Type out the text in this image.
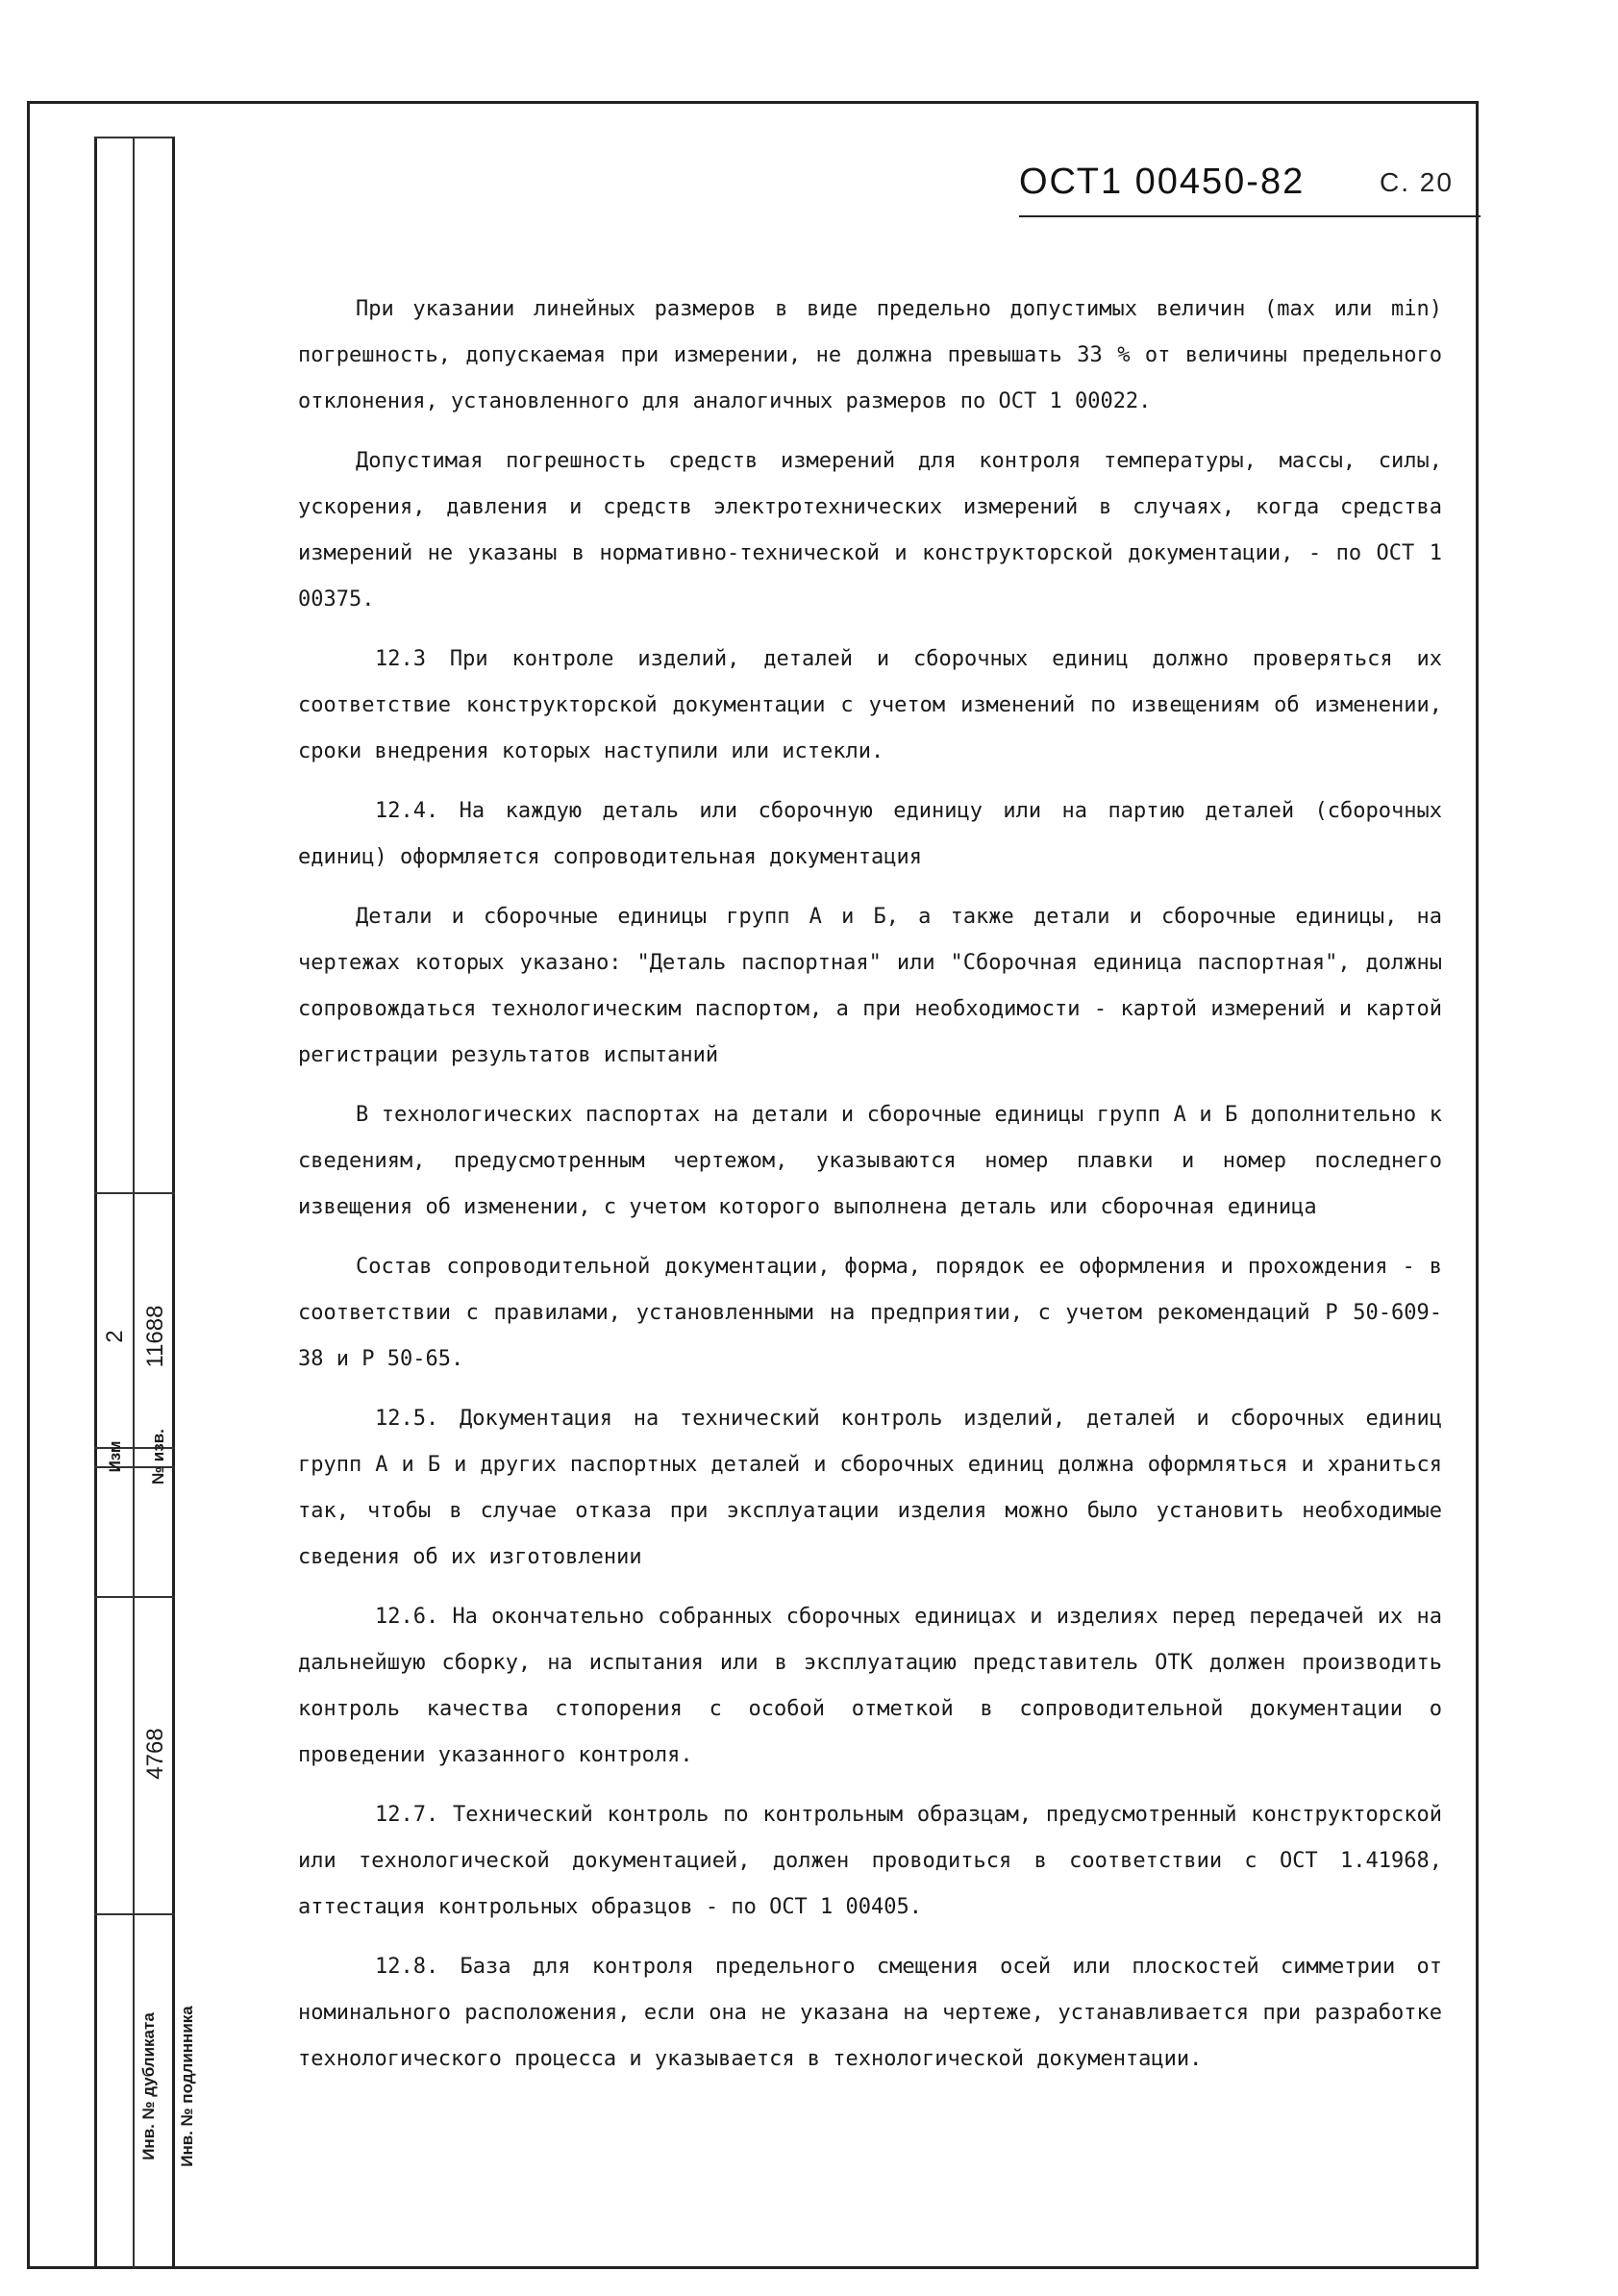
Изм
2
№ изв.
11688
4768
Инв. № дубликата Инв. № подлинника
ОСТ1 00450-82	С. 20

При указании линейных размеров в виде предельно допустимых величин (max или min) погрешность, допускаемая при измерении, не должна превышать 33 % от величины предельного отклонения, установленного для аналогичных размеров по ОСТ 1 00022.

Допустимая погрешность средств измерений для контроля температуры, массы, силы, ускорения, давления и средств электротехнических измерений в случаях, когда средства измерений не указаны в нормативно-технической и конструкторской документации, - по ОСТ 1 00375.

12.3 При контроле изделий, деталей и сборочных единиц должно проверяться их соответствие конструкторской документации с учетом изменений по извещениям об изменении, сроки внедрения которых наступили или истекли.

12.4. На каждую деталь или сборочную единицу или на партию деталей (сборочных единиц) оформляется сопроводительная документация

Детали и сборочные единицы групп А и Б, а также детали и сборочные единицы, на чертежах которых указано: "Деталь паспортная" или "Сборочная единица паспортная", должны сопровождаться технологическим паспортом, а при необходимости - картой измерений и картой регистрации результатов испытаний

В технологических паспортах на детали и сборочные единицы групп А и Б дополнительно к сведениям, предусмотренным чертежом, указываются номер плавки и номер последнего извещения об изменении, с учетом которого выполнена деталь или сборочная единица

Состав сопроводительной документации, форма, порядок ее оформления и прохождения - в соответствии с правилами, установленными на предприятии, с учетом рекомендаций Р 50-609-38 и Р 50-65.

12.5. Документация на технический контроль изделий, деталей и сборочных единиц групп А и Б и других паспортных деталей и сборочных единиц должна оформляться и храниться так, чтобы в случае отказа при эксплуатации изделия можно было установить необходимые сведения об их изготовлении

12.6. На окончательно собранных сборочных единицах и изделиях перед передачей их на дальнейшую сборку, на испытания или в эксплуатацию представитель ОТК должен производить контроль качества стопорения с особой отметкой в сопроводительной документации о проведении указанного контроля.

12.7. Технический контроль по контрольным образцам, предусмотренный конструкторской или технологической документацией, должен проводиться в соответствии с ОСТ 1.41968, аттестация контрольных образцов - по ОСТ 1 00405.

12.8. База для контроля предельного смещения осей или плоскостей симметрии от номинального расположения, если она не указана на чертеже, устанавливается при разработке технологического процесса и указывается в технологической документации.
